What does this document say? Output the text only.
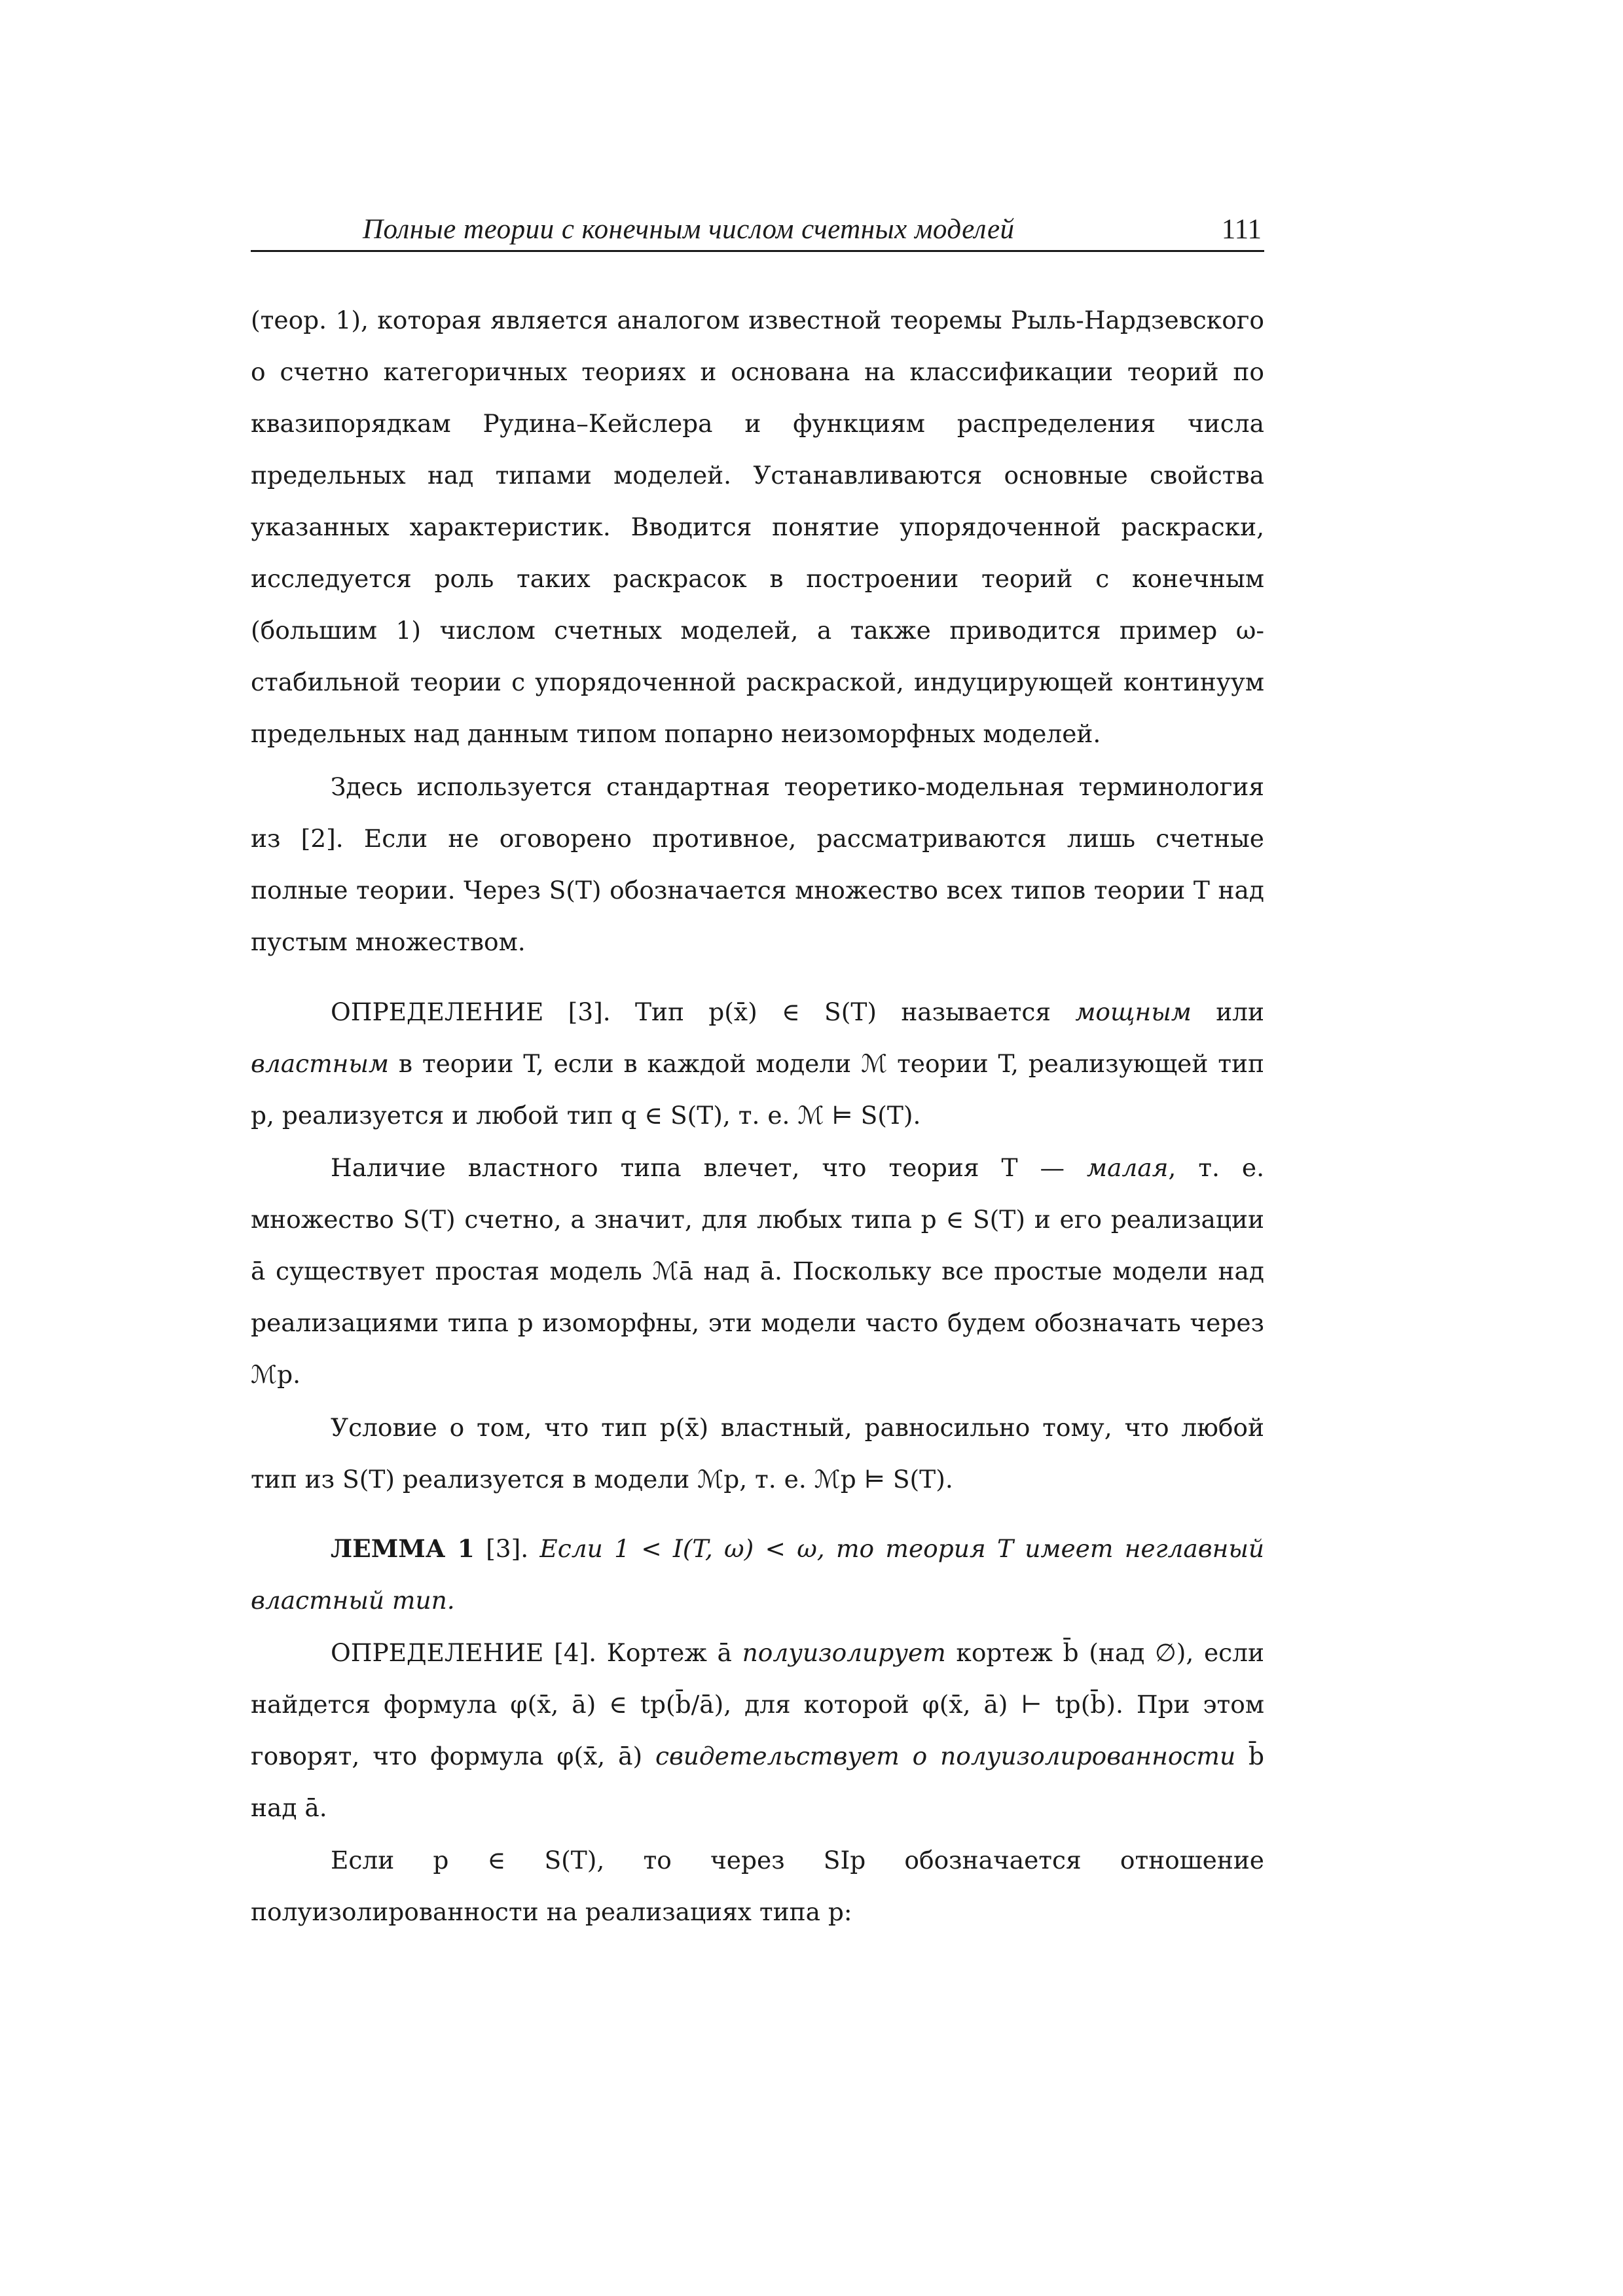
Полные теории с конечным числом счетных моделей	111

(теор. 1), которая является аналогом известной теоремы Рыль-Нардзевского о счетно категоричных теориях и основана на классификации теорий по квазипорядкам Рудина–Кейслера и функциям распределения числа предельных над типами моделей. Устанавливаются основные свойства указанных характеристик. Вводится понятие упорядоченной раскраски, исследуется роль таких раскрасок в построении теорий с конечным (большим 1) числом счетных моделей, а также приводится пример ω-стабильной теории с упорядоченной раскраской, индуцирующей континуум предельных над данным типом попарно неизоморфных моделей.

Здесь используется стандартная теоретико-модельная терминология из [2]. Если не оговорено противное, рассматриваются лишь счетные полные теории. Через S(T) обозначается множество всех типов теории T над пустым множеством.

ОПРЕДЕЛЕНИЕ [3]. Тип p(x̄) ∈ S(T) называется мощным или властным в теории T, если в каждой модели ℳ теории T, реализующей тип p, реализуется и любой тип q ∈ S(T), т. е. ℳ ⊨ S(T).

Наличие властного типа влечет, что теория T — малая, т. е. множество S(T) счетно, а значит, для любых типа p ∈ S(T) и его реализации ā существует простая модель ℳā над ā. Поскольку все простые модели над реализациями типа p изоморфны, эти модели часто будем обозначать через ℳp.

Условие о том, что тип p(x̄) властный, равносильно тому, что любой тип из S(T) реализуется в модели ℳp, т. е. ℳp ⊨ S(T).

ЛЕММА 1 [3]. Если 1 < I(T, ω) < ω, то теория T имеет неглавный властный тип.

ОПРЕДЕЛЕНИЕ [4]. Кортеж ā полуизолирует кортеж b̄ (над ∅), если найдется формула φ(x̄, ā) ∈ tp(b̄/ā), для которой φ(x̄, ā) ⊢ tp(b̄). При этом говорят, что формула φ(x̄, ā) свидетельствует о полуизолированности b̄ над ā.

Если p ∈ S(T), то через SIp обозначается отношение полуизолированности на реализациях типа p:
